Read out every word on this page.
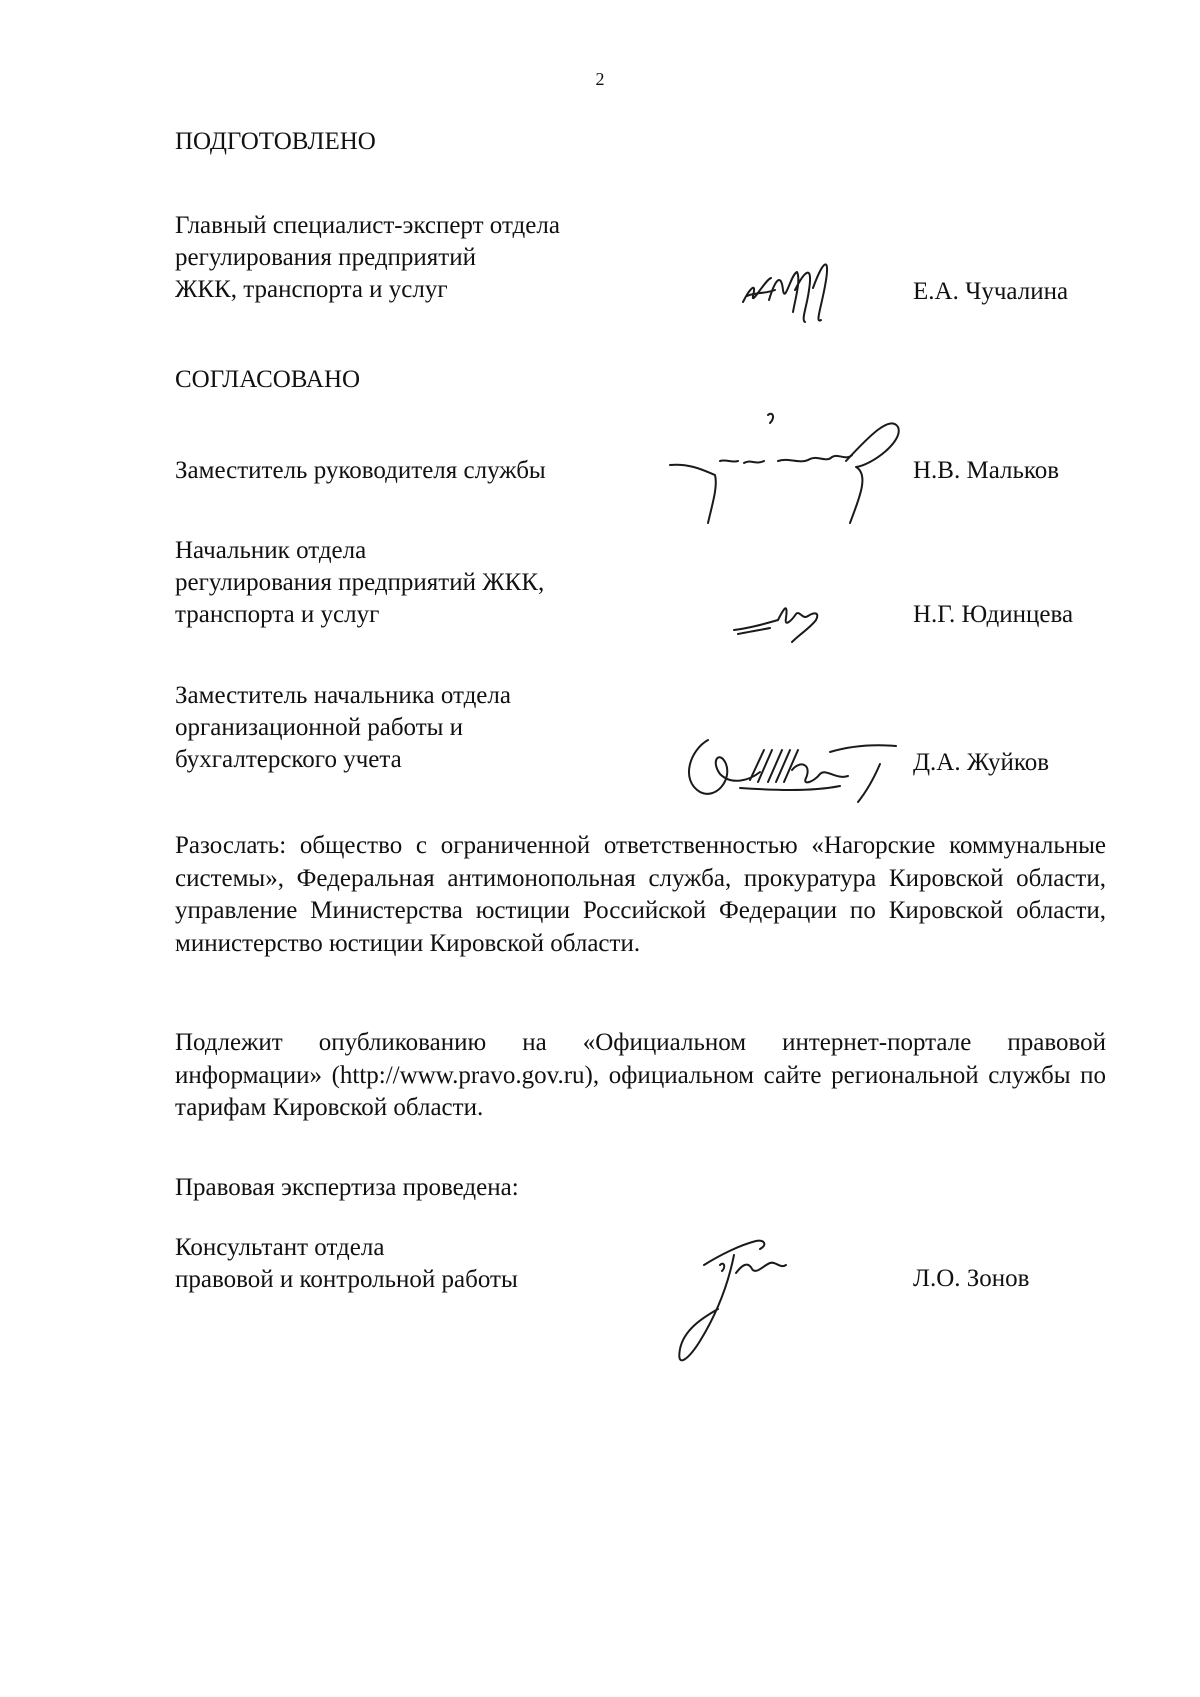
2
ПОДГОТОВЛЕНО
Главный специалист-эксперт отдела
регулирования предприятий
ЖКК, транспорта и услуг	Е.А. Чучалина
СОГЛАСОВАНО
Заместитель руководителя службы	Н.В. Мальков
Начальник отдела
регулирования предприятий ЖКК,
транспорта и услуг	Н.Г. Юдинцева
Заместитель начальника отдела
организационной работы и
бухгалтерского учета	Д.А. Жуйков
Разослать: общество с ограниченной ответственностью «Нагорские коммунальные системы», Федеральная антимонопольная служба, прокуратура Кировской области, управление Министерства юстиции Российской Федерации по Кировской области, министерство юстиции Кировской области.
Подлежит опубликованию на «Официальном интернет-портале правовой информации» (http://www.pravo.gov.ru), официальном сайте региональной службы по тарифам Кировской области.
Правовая экспертиза проведена:
Консультант отдела
правовой и контрольной работы	Л.О. Зонов
